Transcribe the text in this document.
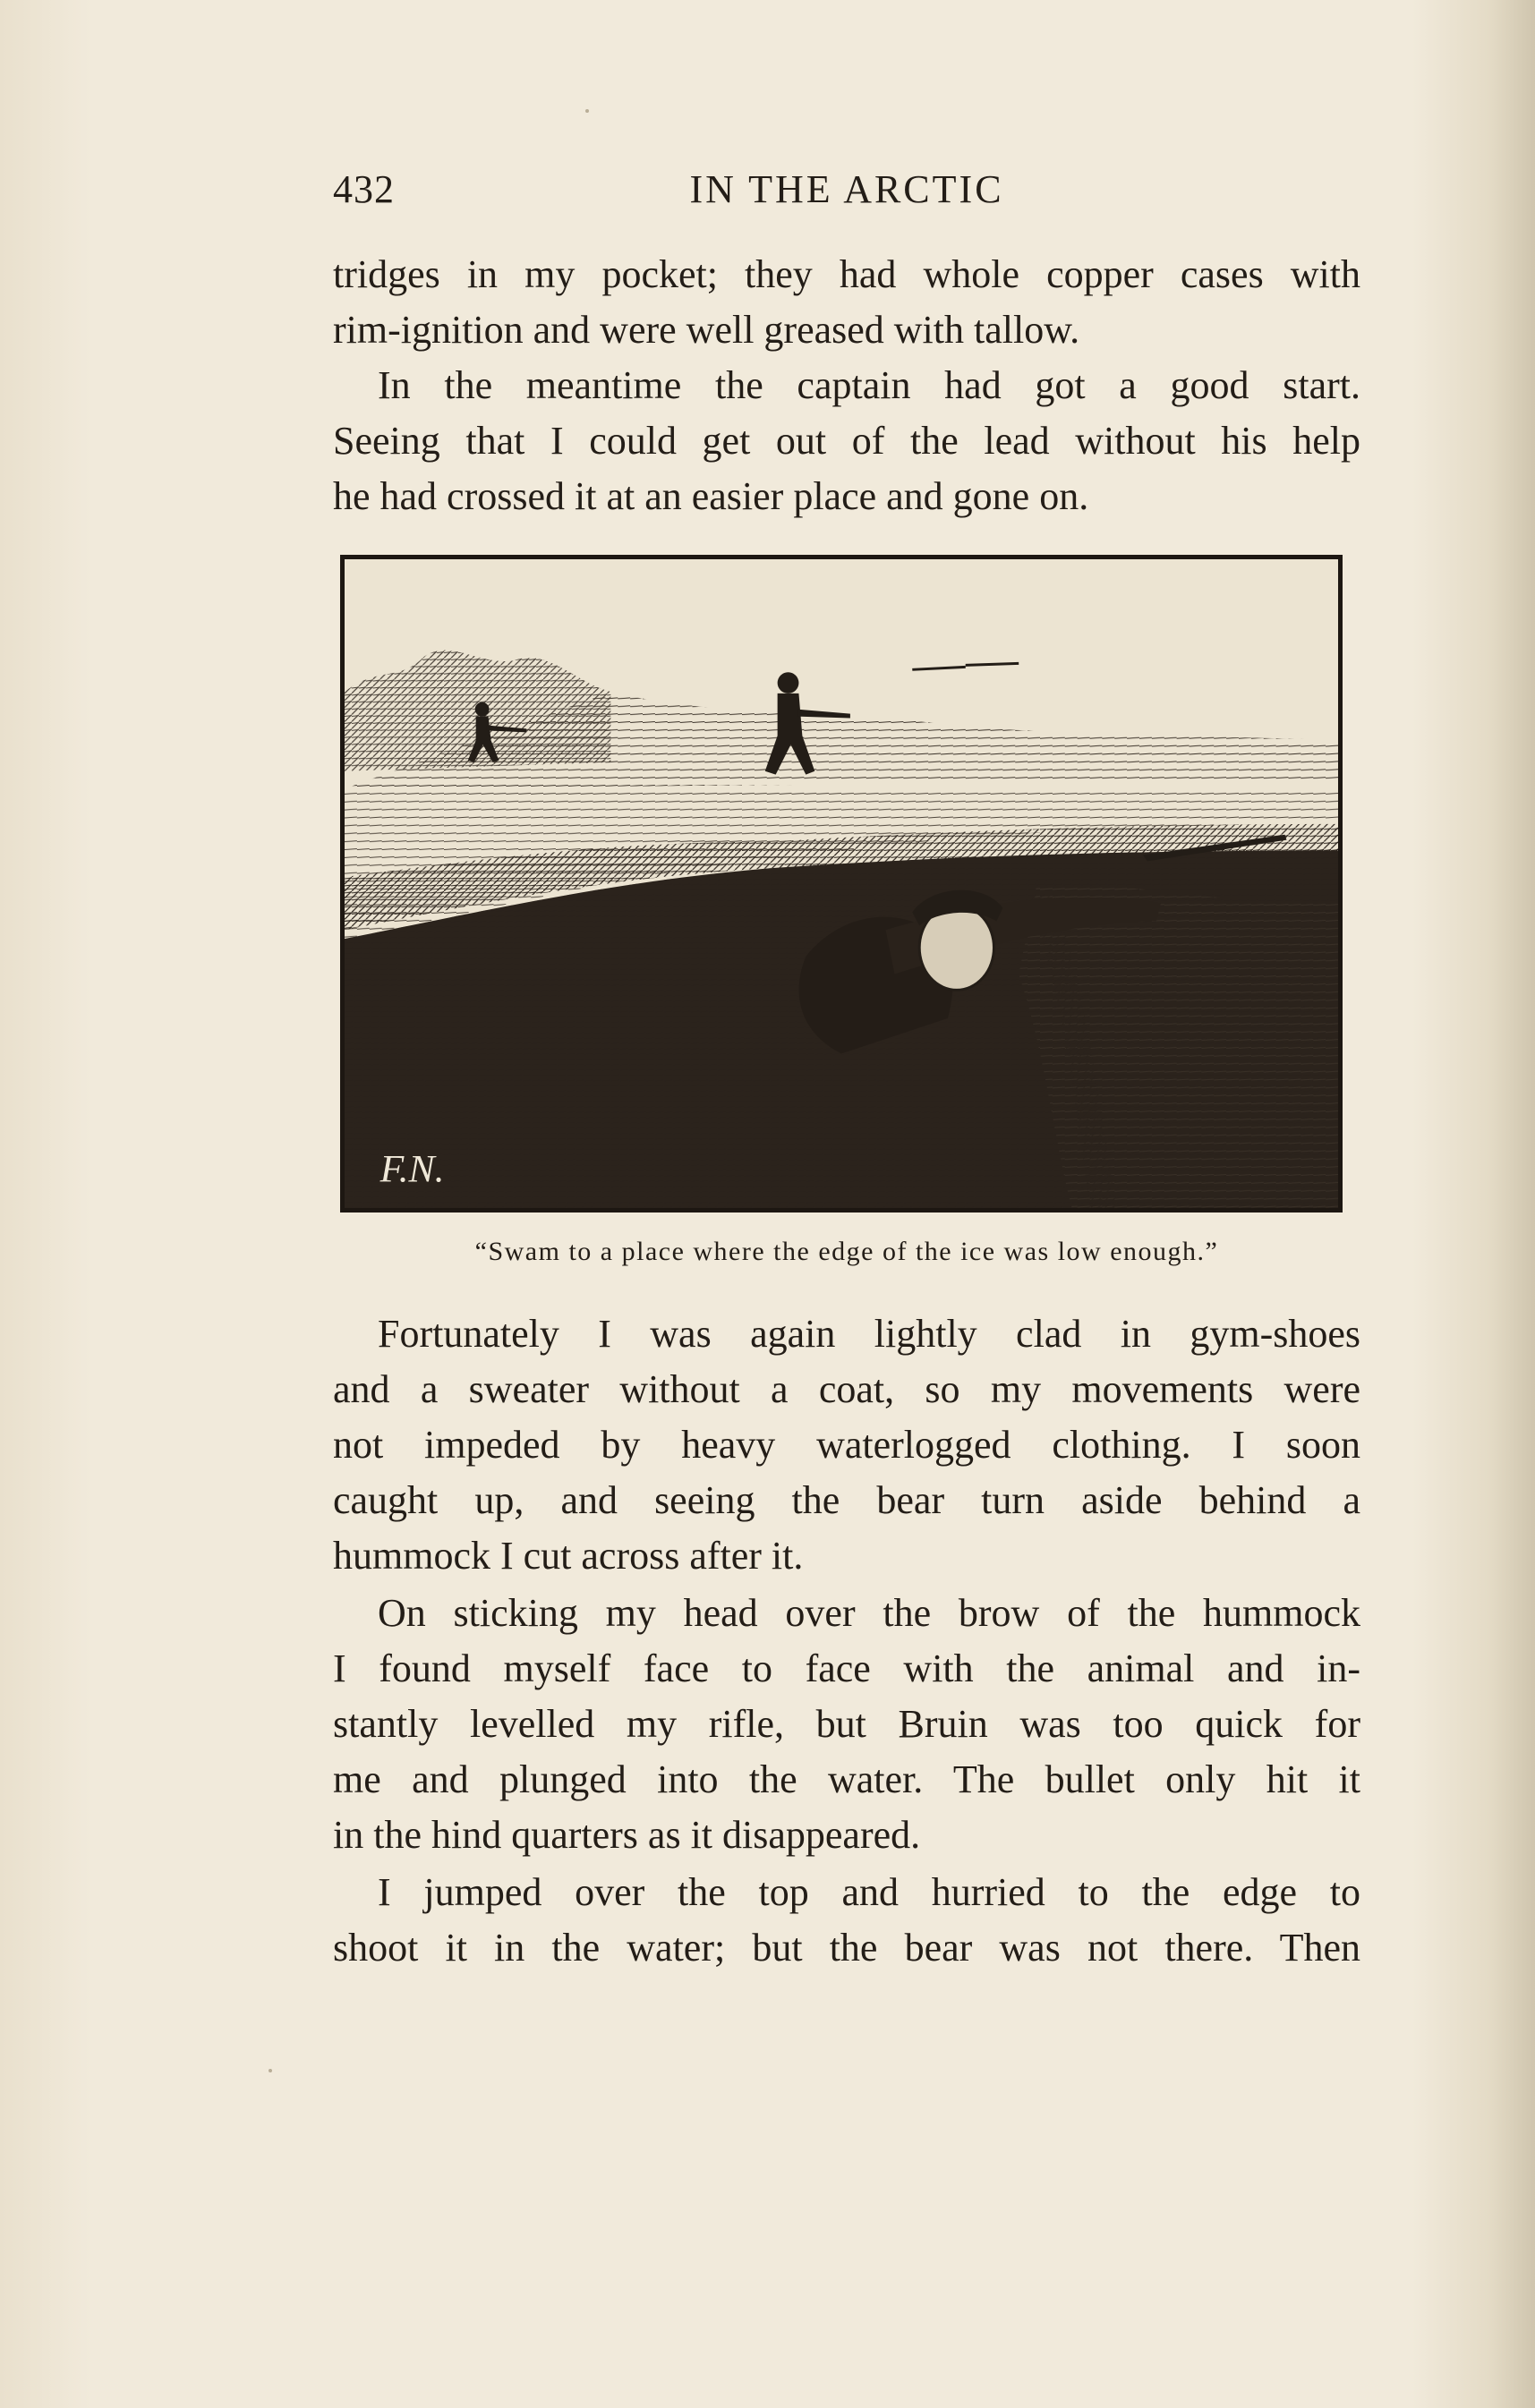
432	IN THE ARCTIC

tridges in my pocket; they had whole copper cases with
rim-ignition and were well greased with tallow.

In the meantime the captain had got a good start.
Seeing that I could get out of the lead without his help
he had crossed it at an easier place and gone on.

F.N.
“Swam to a place where the edge of the ice was low enough.”

Fortunately I was again lightly clad in gym-shoes
and a sweater without a coat, so my movements were
not impeded by heavy waterlogged clothing. I soon
caught up, and seeing the bear turn aside behind a
hummock I cut across after it.

On sticking my head over the brow of the hummock
I found myself face to face with the animal and in-
stantly levelled my rifle, but Bruin was too quick for
me and plunged into the water. The bullet only hit it
in the hind quarters as it disappeared.

I jumped over the top and hurried to the edge to
shoot it in the water; but the bear was not there. Then
